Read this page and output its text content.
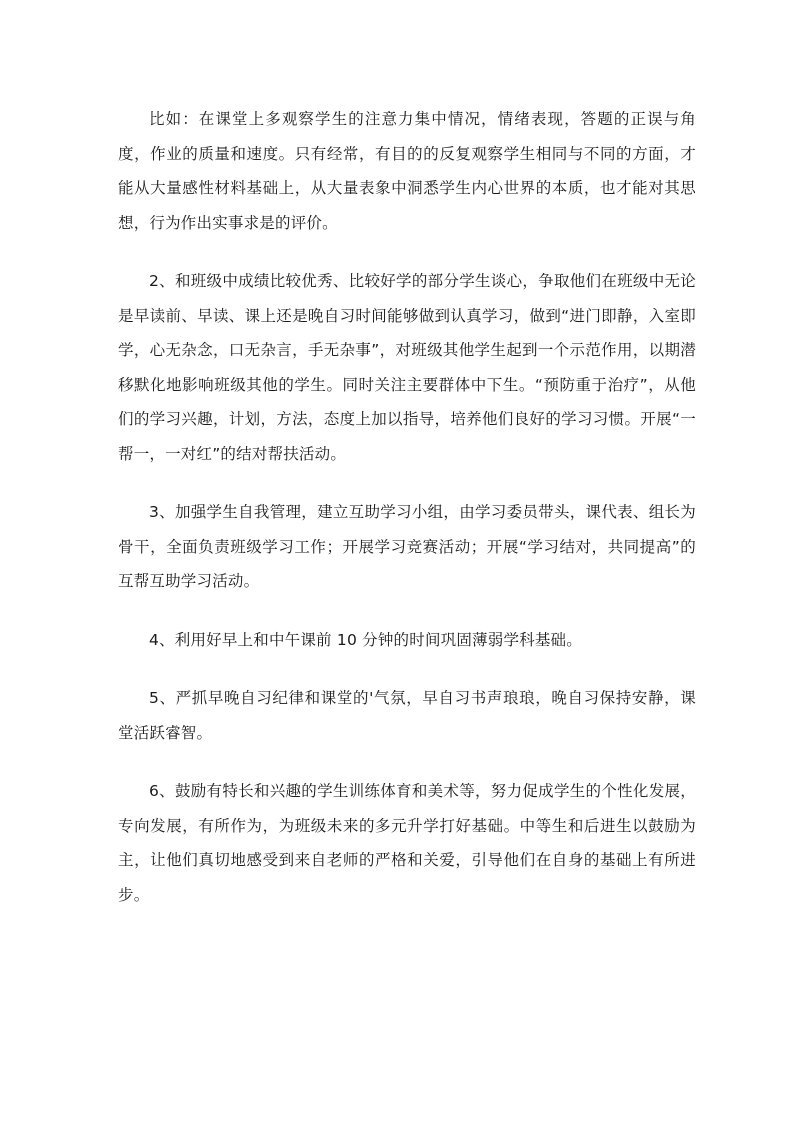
比如：在课堂上多观察学生的注意力集中情况，情绪表现，答题的正误与角度，作业的质量和速度。只有经常，有目的的反复观察学生相同与不同的方面，才能从大量感性材料基础上，从大量表象中洞悉学生内心世界的本质，也才能对其思想，行为作出实事求是的评价。

2、和班级中成绩比较优秀、比较好学的部分学生谈心，争取他们在班级中无论是早读前、早读、课上还是晚自习时间能够做到认真学习，做到“进门即静，入室即学，心无杂念，口无杂言，手无杂事”，对班级其他学生起到一个示范作用，以期潜移默化地影响班级其他的学生。同时关注主要群体中下生。“预防重于治疗”，从他们的学习兴趣，计划，方法，态度上加以指导，培养他们良好的学习习惯。开展“一帮一，一对红”的结对帮扶活动。

3、加强学生自我管理，建立互助学习小组，由学习委员带头，课代表、组长为骨干，全面负责班级学习工作；开展学习竞赛活动；开展“学习结对，共同提高”的互帮互助学习活动。

4、利用好早上和中午课前 10 分钟的时间巩固薄弱学科基础。

5、严抓早晚自习纪律和课堂的'气氛，早自习书声琅琅，晚自习保持安静，课堂活跃睿智。

6、鼓励有特长和兴趣的学生训练体育和美术等，努力促成学生的个性化发展，专向发展，有所作为，为班级未来的多元升学打好基础。中等生和后进生以鼓励为主，让他们真切地感受到来自老师的严格和关爱，引导他们在自身的基础上有所进步。
